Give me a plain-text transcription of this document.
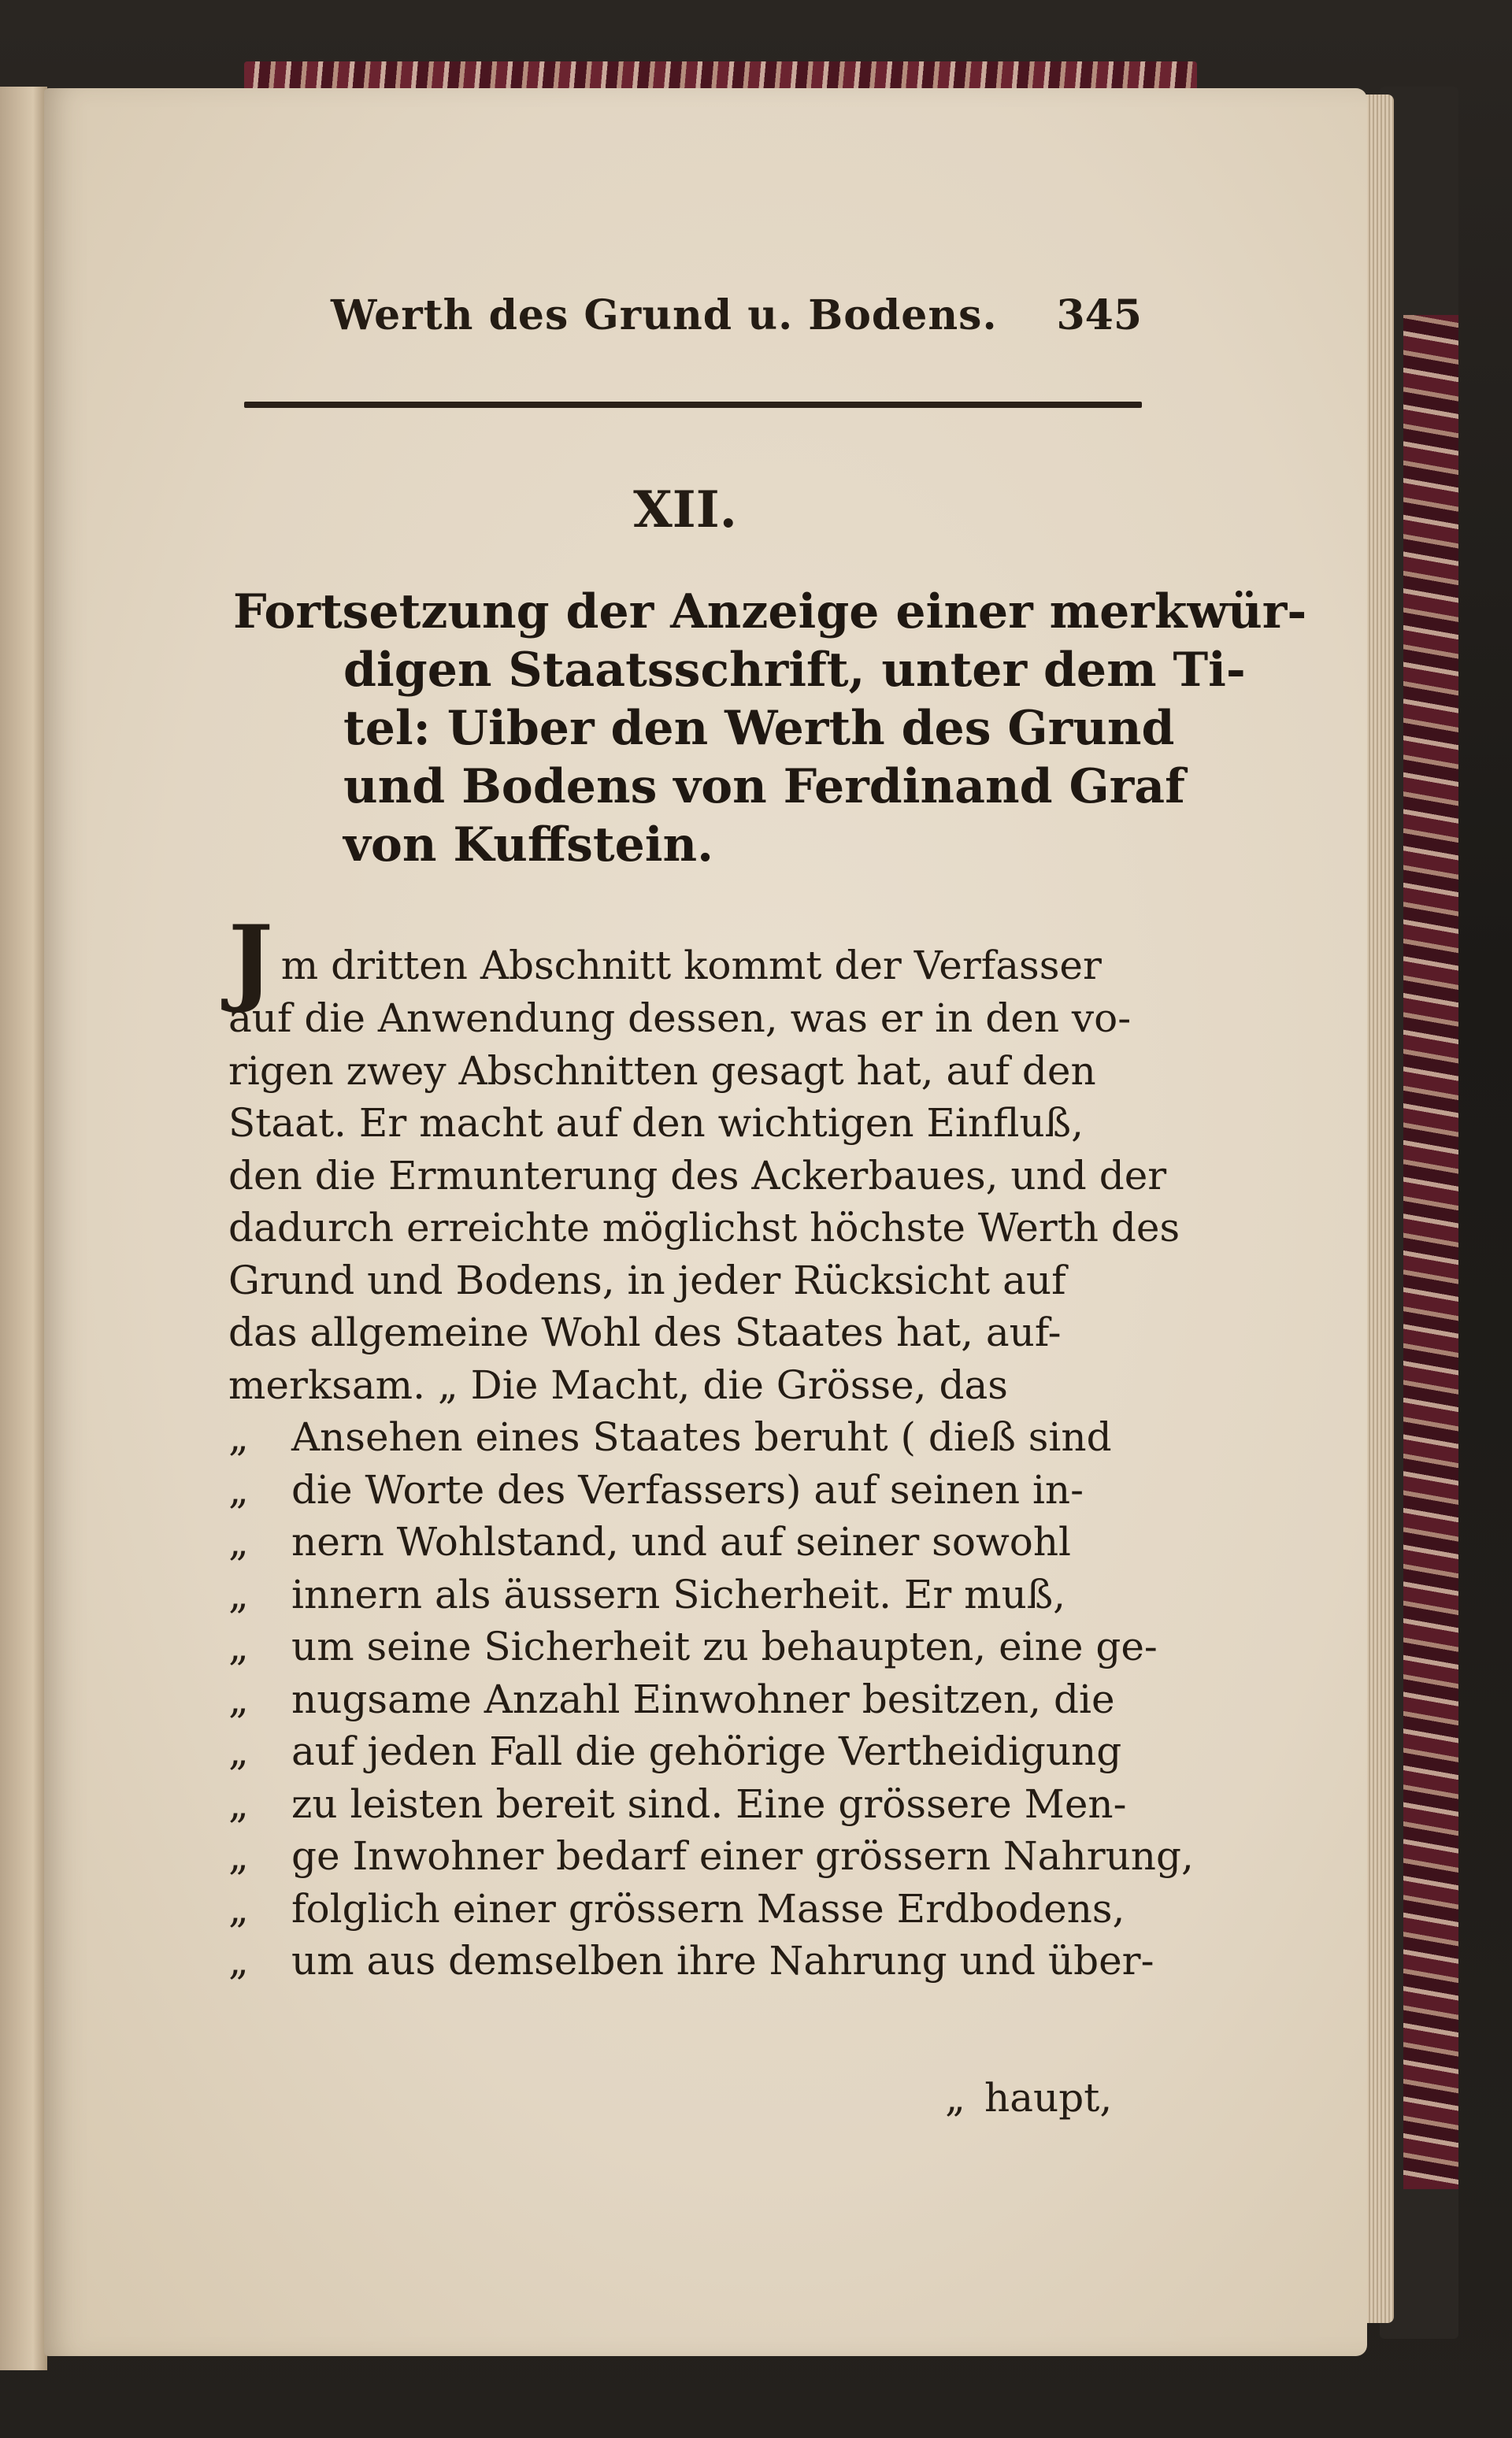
Werth des Grund u. Bodens. 345
XII.
Fortsetzung der Anzeige einer merkwür-
digen Staatsschrift, unter dem Ti-
tel: Uiber den Werth des Grund
und Bodens von Ferdinand Graf
von Kuffstein.
Jm dritten Abschnitt kommt der Verfasser
auf die Anwendung dessen, was er in den vo-
rigen zwey Abschnitten gesagt hat, auf den
Staat. Er macht auf den wichtigen Einfluß,
den die Ermunterung des Ackerbaues, und der
dadurch erreichte möglichst höchste Werth des
Grund und Bodens, in jeder Rücksicht auf
das allgemeine Wohl des Staates hat, auf-
merksam. „ Die Macht, die Grösse, das
„ Ansehen eines Staates beruht ( dieß sind
„ die Worte des Verfassers) auf seinen in-
„ nern Wohlstand, und auf seiner sowohl
„ innern als äussern Sicherheit. Er muß,
„ um seine Sicherheit zu behaupten, eine ge-
„ nugsame Anzahl Einwohner besitzen, die
„ auf jeden Fall die gehörige Vertheidigung
„ zu leisten bereit sind. Eine grössere Men-
„ ge Inwohner bedarf einer grössern Nahrung,
„ folglich einer grössern Masse Erdbodens,
„ um aus demselben ihre Nahrung und über-
„ haupt,
